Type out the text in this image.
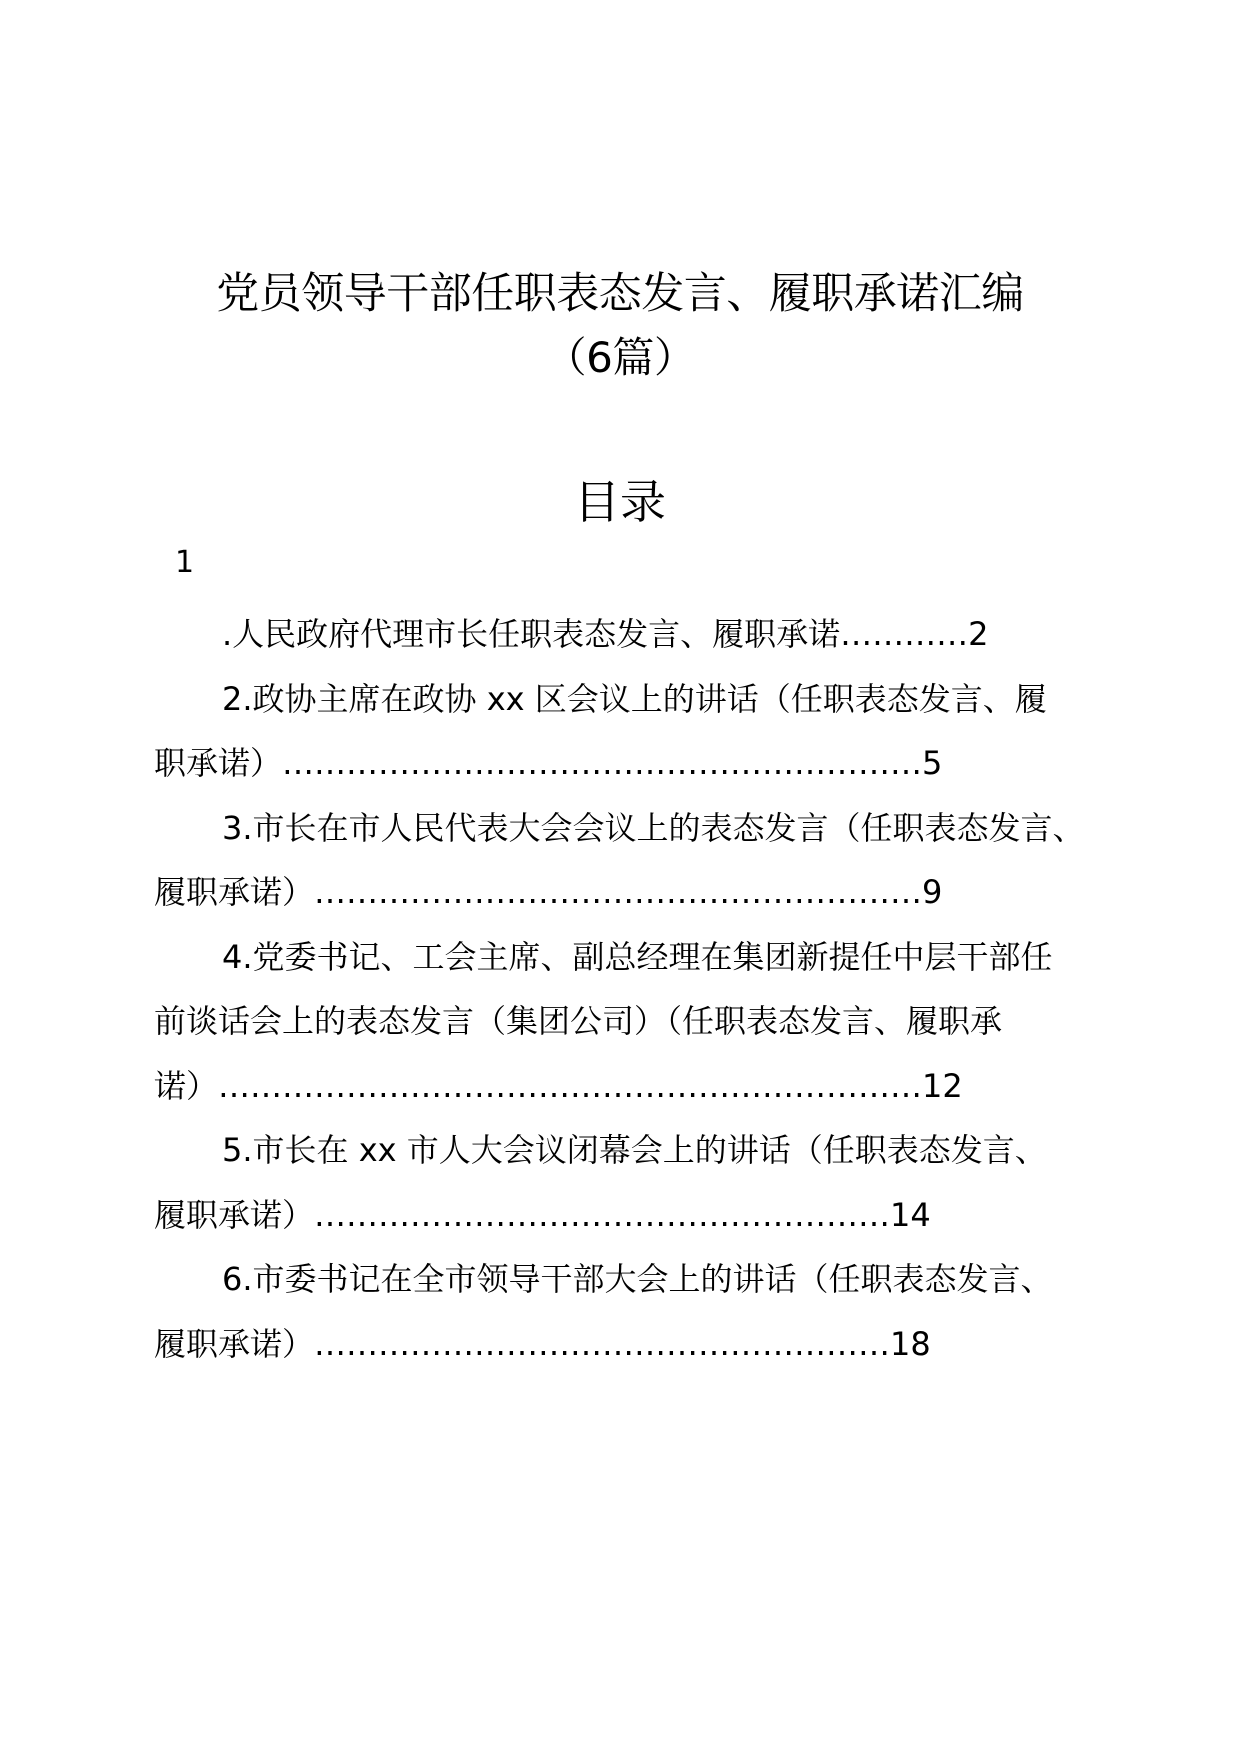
党员领导干部任职表态发言、履职承诺汇编
（6篇）
目录
1
.人民政府代理市长任职表态发言、履职承诺…………2
2.政协主席在政协 xx 区会议上的讲话（任职表态发言、履
职承诺）……………………………………………………5
3.市长在市人民代表大会会议上的表态发言（任职表态发言、
履职承诺）…………………………………………………9
4.党委书记、工会主席、副总经理在集团新提任中层干部任
前谈话会上的表态发言（集团公司）（任职表态发言、履职承
诺）…………………………………………………………12
5.市长在 xx 市人大会议闭幕会上的讲话（任职表态发言、
履职承诺）………………………………………………14
6.市委书记在全市领导干部大会上的讲话（任职表态发言、
履职承诺）………………………………………………18
